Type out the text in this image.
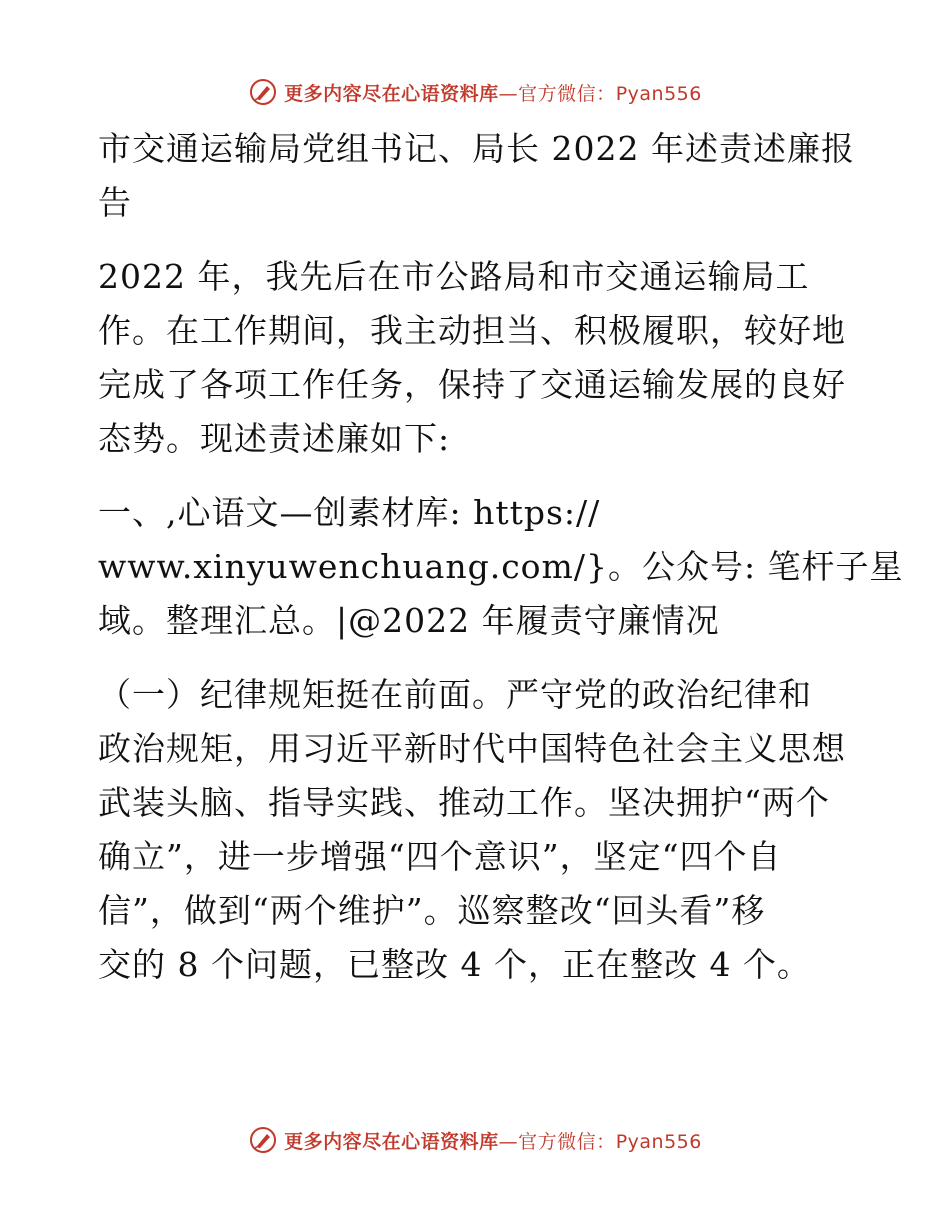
更多内容尽在心语资料库—官方微信：Pyan556

市交通运输局党组书记、局长 2022 年述责述廉报
告

2022 年，我先后在市公路局和市交通运输局工
作。在工作期间，我主动担当、积极履职，较好地
完成了各项工作任务，保持了交通运输发展的良好
态势。现述责述廉如下:

一、,心语文—创素材库: https://
www.xinyuwenchuang.com/}。公众号: 笔杆子星
域。整理汇总。|@2022 年履责守廉情况

（一）纪律规矩挺在前面。严守党的政治纪律和
政治规矩，用习近平新时代中国特色社会主义思想
武装头脑、指导实践、推动工作。坚决拥护“两个
确立”，进一步增强“四个意识”，坚定“四个自
信”，做到“两个维护”。巡察整改“回头看”移
交的 8 个问题，已整改 4 个，正在整改 4 个。

更多内容尽在心语资料库—官方微信：Pyan556
